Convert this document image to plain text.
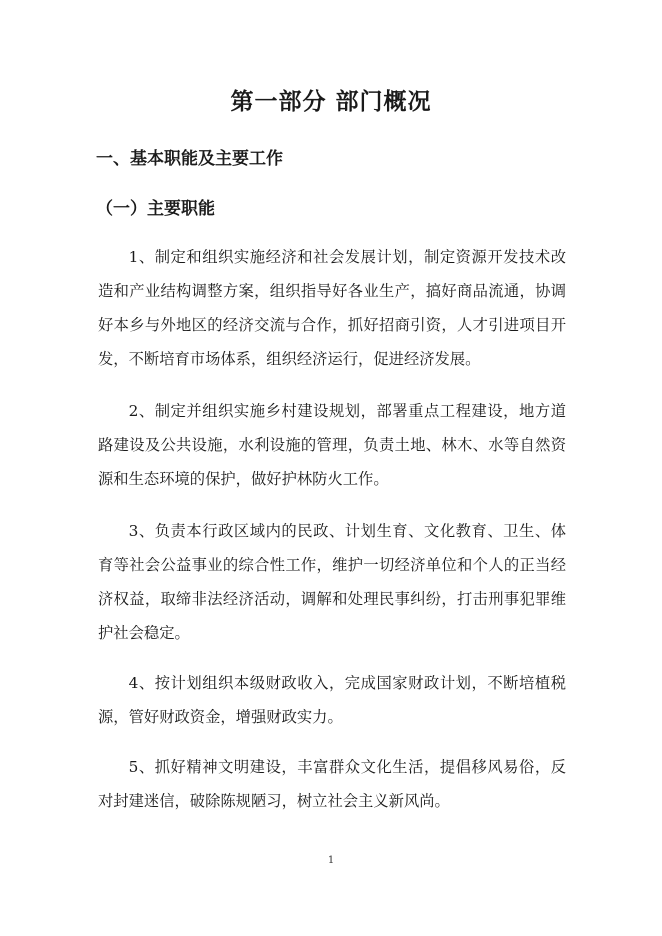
第一部分 部门概况
一、基本职能及主要工作
（一）主要职能

1、制定和组织实施经济和社会发展计划，制定资源开发技术改造和产业结构调整方案，组织指导好各业生产，搞好商品流通，协调好本乡与外地区的经济交流与合作，抓好招商引资，人才引进项目开发，不断培育市场体系，组织经济运行，促进经济发展。

2、制定并组织实施乡村建设规划，部署重点工程建设，地方道路建设及公共设施，水利设施的管理，负责土地、林木、水等自然资源和生态环境的保护，做好护林防火工作。

3、负责本行政区域内的民政、计划生育、文化教育、卫生、体育等社会公益事业的综合性工作，维护一切经济单位和个人的正当经济权益，取缔非法经济活动，调解和处理民事纠纷，打击刑事犯罪维护社会稳定。

4、按计划组织本级财政收入，完成国家财政计划，不断培植税源，管好财政资金，增强财政实力。

5、抓好精神文明建设，丰富群众文化生活，提倡移风易俗，反对封建迷信，破除陈规陋习，树立社会主义新风尚。

1
